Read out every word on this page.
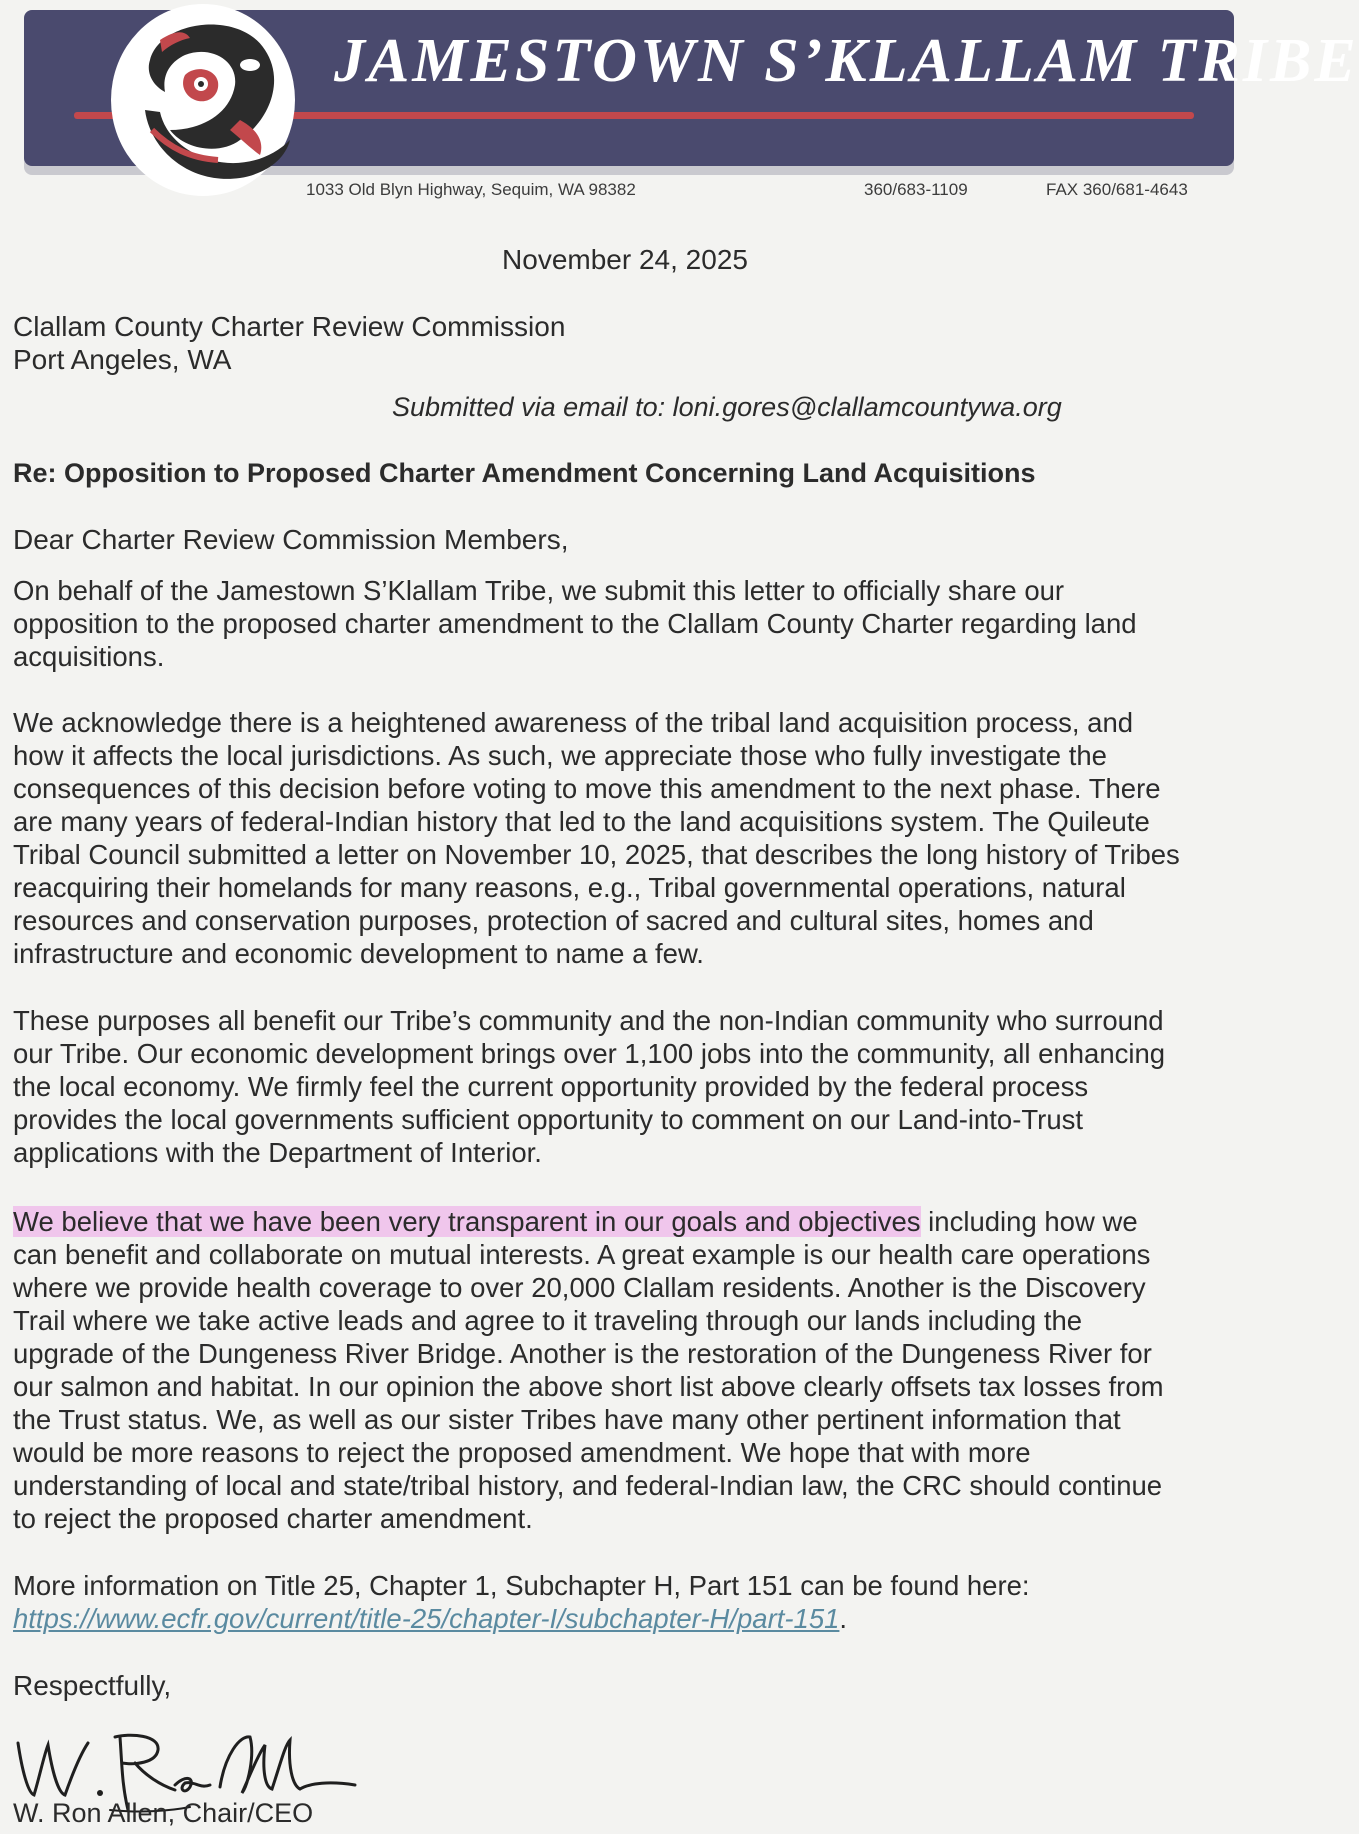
JAMESTOWN S’KLALLAM TRIBE
1033 Old Blyn Highway, Sequim, WA 98382	360/683-1109	FAX 360/681-4643
November 24, 2025
Clallam County Charter Review Commission
Port Angeles, WA
Submitted via email to: loni.gores@clallamcountywa.org
Re: Opposition to Proposed Charter Amendment Concerning Land Acquisitions
Dear Charter Review Commission Members,
On behalf of the Jamestown S’Klallam Tribe, we submit this letter to officially share our
opposition to the proposed charter amendment to the Clallam County Charter regarding land
acquisitions.
We acknowledge there is a heightened awareness of the tribal land acquisition process, and
how it affects the local jurisdictions. As such, we appreciate those who fully investigate the
consequences of this decision before voting to move this amendment to the next phase. There
are many years of federal-Indian history that led to the land acquisitions system. The Quileute
Tribal Council submitted a letter on November 10, 2025, that describes the long history of Tribes
reacquiring their homelands for many reasons, e.g., Tribal governmental operations, natural
resources and conservation purposes, protection of sacred and cultural sites, homes and
infrastructure and economic development to name a few.
These purposes all benefit our Tribe’s community and the non-Indian community who surround
our Tribe. Our economic development brings over 1,100 jobs into the community, all enhancing
the local economy. We firmly feel the current opportunity provided by the federal process
provides the local governments sufficient opportunity to comment on our Land-into-Trust
applications with the Department of Interior.
We believe that we have been very transparent in our goals and objectives including how we
can benefit and collaborate on mutual interests. A great example is our health care operations
where we provide health coverage to over 20,000 Clallam residents. Another is the Discovery
Trail where we take active leads and agree to it traveling through our lands including the
upgrade of the Dungeness River Bridge. Another is the restoration of the Dungeness River for
our salmon and habitat. In our opinion the above short list above clearly offsets tax losses from
the Trust status. We, as well as our sister Tribes have many other pertinent information that
would be more reasons to reject the proposed amendment. We hope that with more
understanding of local and state/tribal history, and federal-Indian law, the CRC should continue
to reject the proposed charter amendment.
More information on Title 25, Chapter 1, Subchapter H, Part 151 can be found here:
https://www.ecfr.gov/current/title-25/chapter-I/subchapter-H/part-151.
Respectfully,
W. Ron Allen, Chair/CEO
